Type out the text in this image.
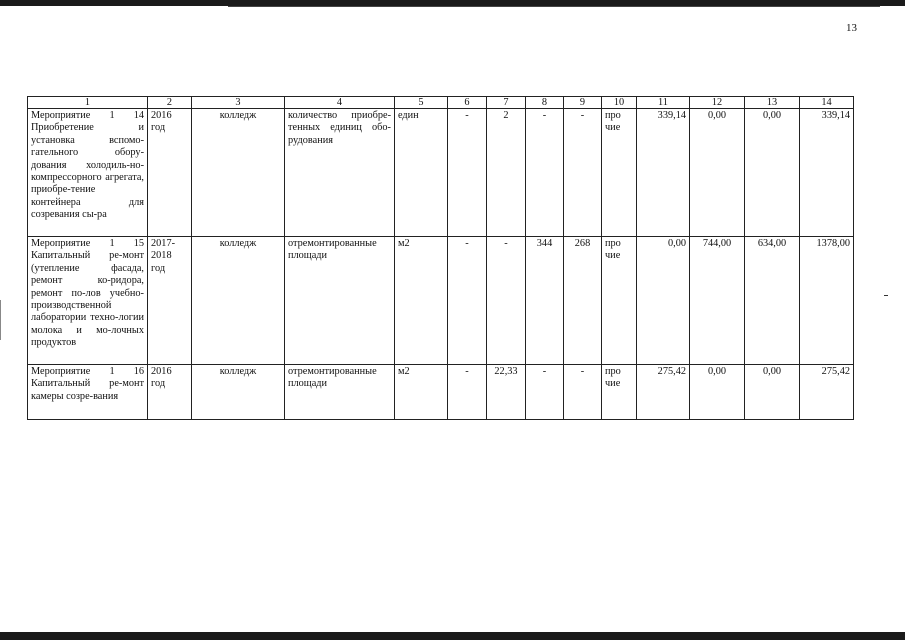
13
1	2	3	4	5	6	7	8	9	10	11	12	13	14
Мероприятие 1 14 Приобретение и установка вспомо-гательного обору-дования холодиль-но-компрессорного агрегата, приобре-тение контейнера для созревания сы-ра	2016 год	колледж	количество приобре-тенных единиц обо-рудования	един	-	2	-	-	про чие	339,14	0,00	0,00	339,14
Мероприятие 1 15 Капитальный ре-монт (утепление фасада, ремонт ко-ридора, ремонт по-лов учебно-производственной лаборатории техно-логии молока и мо-лочных продуктов	2017-2018 год	колледж	отремонтированные площади	м2	-	-	344	268	про чие	0,00	744,00	634,00	1378,00
Мероприятие 1 16 Капитальный ре-монт камеры созре-вания	2016 год	колледж	отремонтированные площади	м2	-	22,33	-	-	про чие	275,42	0,00	0,00	275,42
